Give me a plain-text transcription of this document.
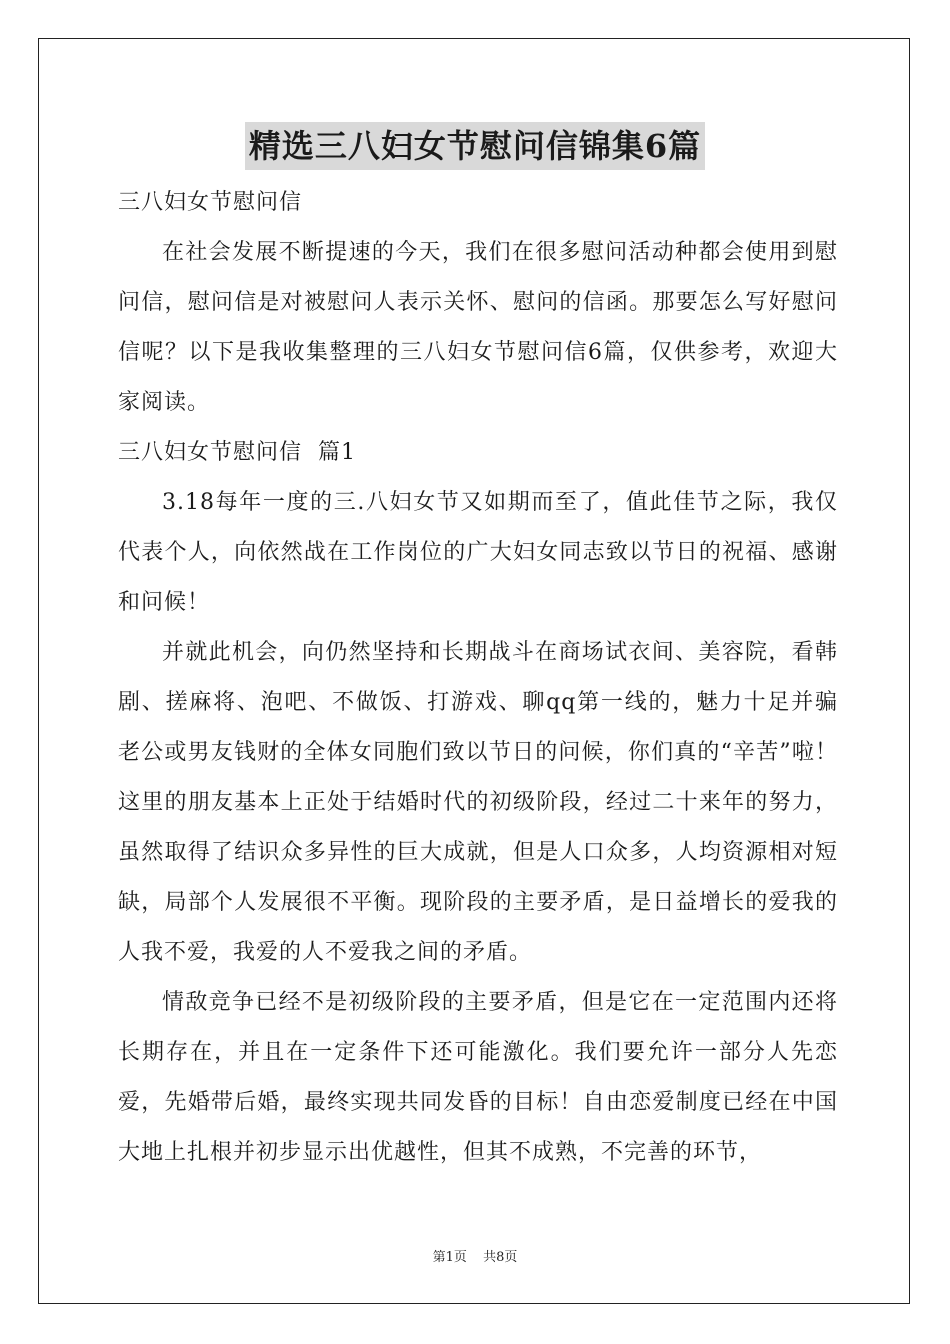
精选三八妇女节慰问信锦集6篇

三八妇女节慰问信

在社会发展不断提速的今天，我们在很多慰问活动种都会使用到慰问信，慰问信是对被慰问人表示关怀、慰问的信函。那要怎么写好慰问信呢？以下是我收集整理的三八妇女节慰问信6篇，仅供参考，欢迎大家阅读。

三八妇女节慰问信  篇1

3.18每年一度的三.八妇女节又如期而至了，值此佳节之际，我仅代表个人，向依然战在工作岗位的广大妇女同志致以节日的祝福、感谢和问候！

并就此机会，向仍然坚持和长期战斗在商场试衣间、美容院，看韩剧、搓麻将、泡吧、不做饭、打游戏、聊qq第一线的，魅力十足并骗老公或男友钱财的全体女同胞们致以节日的问候，你们真的“辛苦”啦！这里的朋友基本上正处于结婚时代的初级阶段，经过二十来年的努力，虽然取得了结识众多异性的巨大成就，但是人口众多，人均资源相对短缺，局部个人发展很不平衡。现阶段的主要矛盾，是日益增长的爱我的人我不爱，我爱的人不爱我之间的矛盾。

情敌竞争已经不是初级阶段的主要矛盾，但是它在一定范围内还将长期存在，并且在一定条件下还可能激化。我们要允许一部分人先恋爱，先婚带后婚，最终实现共同发昏的目标！自由恋爱制度已经在中国大地上扎根并初步显示出优越性，但其不成熟，不完善的环节，

第1页 共8页
